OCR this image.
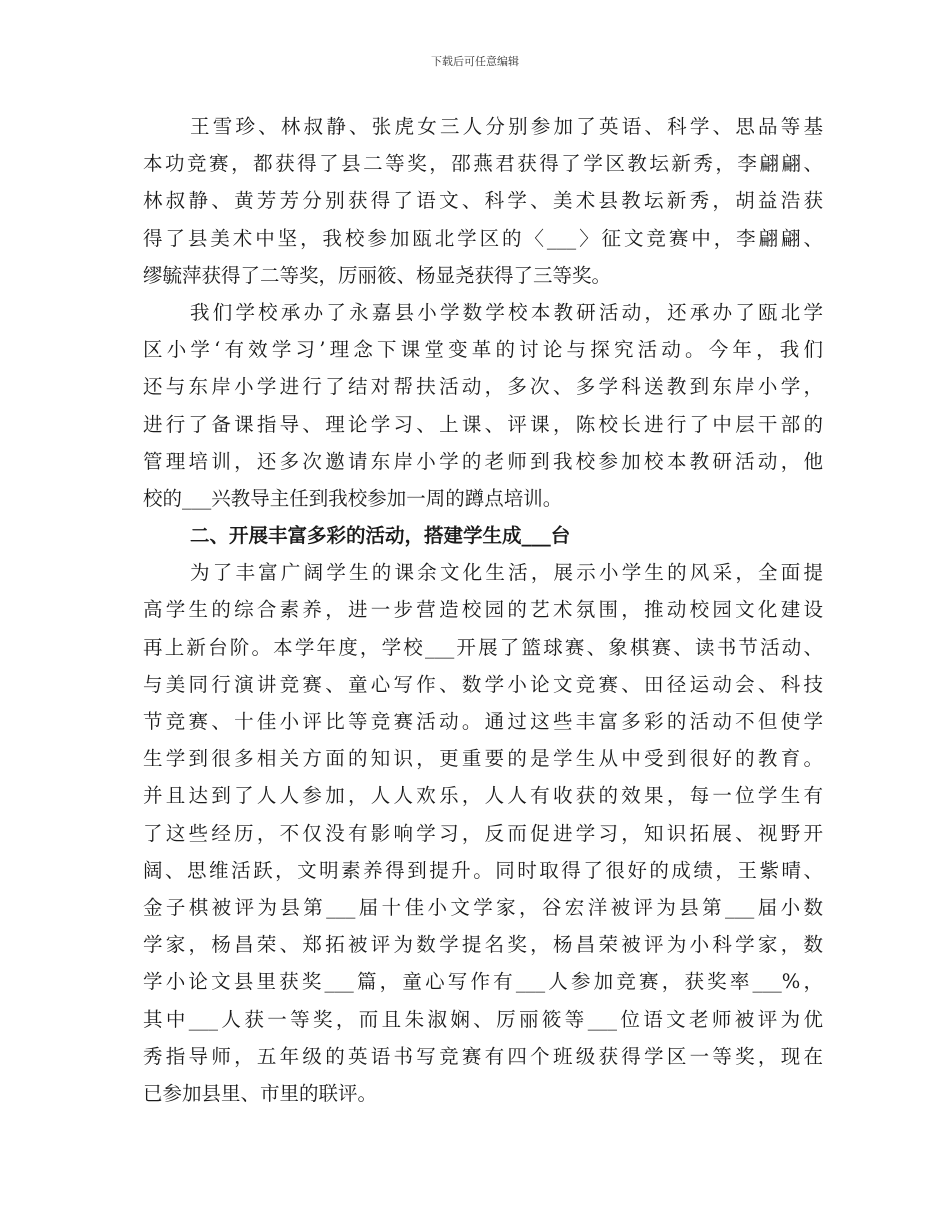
下载后可任意编辑
王雪珍、林叔静、张虎女三人分别参加了英语、科学、思品等基
本功竞赛，都获得了县二等奖，邵燕君获得了学区教坛新秀，李翩翩、
林叔静、黄芳芳分别获得了语文、科学、美术县教坛新秀，胡益浩获
得了县美术中坚，我校参加瓯北学区的〈___〉征文竞赛中，李翩翩、
缪毓萍获得了二等奖，厉丽筱、杨显尧获得了三等奖。
我们学校承办了永嘉县小学数学校本教研活动，还承办了瓯北学
区小学‘有效学习’理念下课堂变革的讨论与探究活动。今年，我们
还与东岸小学进行了结对帮扶活动，多次、多学科送教到东岸小学，
进行了备课指导、理论学习、上课、评课，陈校长进行了中层干部的
管理培训，还多次邀请东岸小学的老师到我校参加校本教研活动，他
校的___兴教导主任到我校参加一周的蹲点培训。
二、开展丰富多彩的活动，搭建学生成___台
为了丰富广阔学生的课余文化生活，展示小学生的风采，全面提
高学生的综合素养，进一步营造校园的艺术氛围，推动校园文化建设
再上新台阶。本学年度，学校___开展了篮球赛、象棋赛、读书节活动、
与美同行演讲竞赛、童心写作、数学小论文竞赛、田径运动会、科技
节竞赛、十佳小评比等竞赛活动。通过这些丰富多彩的活动不但使学
生学到很多相关方面的知识，更重要的是学生从中受到很好的教育。
并且达到了人人参加，人人欢乐，人人有收获的效果，每一位学生有
了这些经历，不仅没有影响学习，反而促进学习，知识拓展、视野开
阔、思维活跃，文明素养得到提升。同时取得了很好的成绩，王紫晴、
金子棋被评为县第___届十佳小文学家，谷宏洋被评为县第___届小数
学家，杨昌荣、郑拓被评为数学提名奖，杨昌荣被评为小科学家，数
学小论文县里获奖___篇，童心写作有___人参加竞赛，获奖率___%，
其中___人获一等奖，而且朱淑娴、厉丽筱等___位语文老师被评为优
秀指导师，五年级的英语书写竞赛有四个班级获得学区一等奖，现在
已参加县里、市里的联评。
